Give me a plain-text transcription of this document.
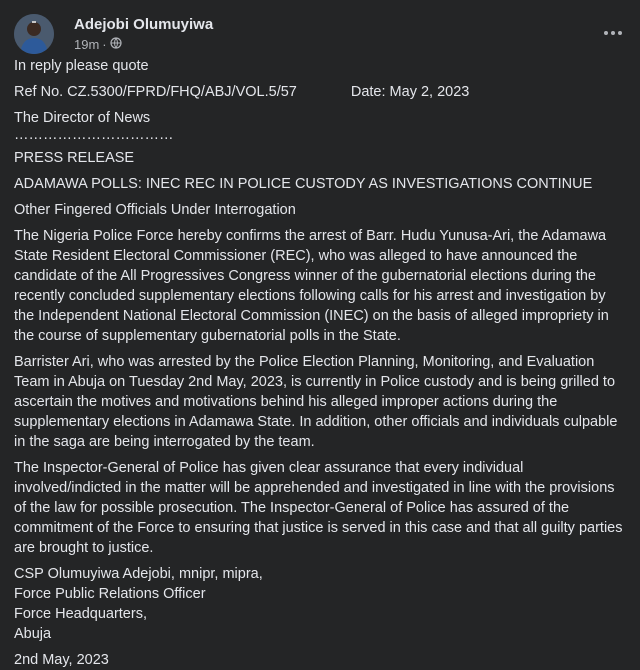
Adejobi Olumuyiwa
19m ·

In reply please quote

Ref No. CZ.5300/FPRD/FHQ/ABJ/VOL.5/57	Date: May 2, 2023

The Director of News

……………………………

PRESS RELEASE

ADAMAWA POLLS: INEC REC IN POLICE CUSTODY AS INVESTIGATIONS CONTINUE

Other Fingered Officials Under Interrogation

The Nigeria Police Force hereby confirms the arrest of Barr. Hudu Yunusa-Ari, the Adamawa State Resident Electoral Commissioner (REC), who was alleged to have announced the candidate of the All Progressives Congress winner of the gubernatorial elections during the recently concluded supplementary elections following calls for his arrest and investigation by the Independent National Electoral Commission (INEC) on the basis of alleged impropriety in the course of supplementary gubernatorial polls in the State.

Barrister Ari, who was arrested by the Police Election Planning, Monitoring, and Evaluation Team in Abuja on Tuesday 2nd May, 2023, is currently in Police custody and is being grilled to ascertain the motives and motivations behind his alleged improper actions during the supplementary elections in Adamawa State. In addition, other officials and individuals culpable in the saga are being interrogated by the team.

The Inspector-General of Police has given clear assurance that every individual involved/indicted in the matter will be apprehended and investigated in line with the provisions of the law for possible prosecution. The Inspector-General of Police has assured of the commitment of the Force to ensuring that justice is served in this case and that all guilty parties are brought to justice.

CSP Olumuyiwa Adejobi, mnipr, mipra,

Force Public Relations Officer

Force Headquarters,

Abuja

2nd May, 2023
